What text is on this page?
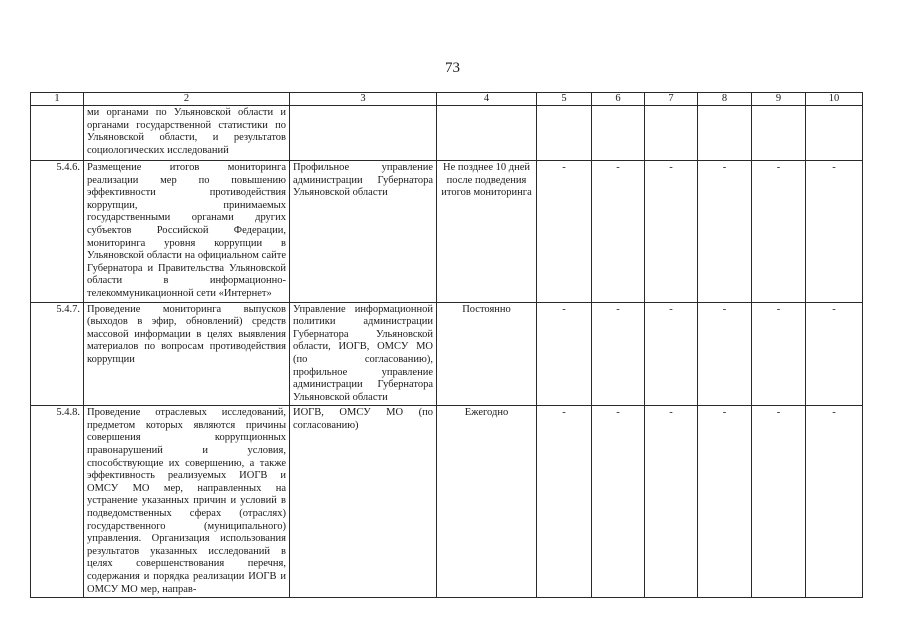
73
1	2	3	4	5	6	7	8	9	10
	ми органами по Ульяновской области и органами государственной статистики по Ульяновской области, и результатов социологических исследований								
5.4.6.	Размещение итогов мониторинга реализации мер по повышению эффективности противодействия коррупции, принимаемых государственными органами других субъектов Российской Федерации, мониторинга уровня коррупции в Ульяновской области на официальном сайте Губернатора и Правительства Ульяновской области в информационно-телекоммуникационной сети «Интернет»	Профильное управление администрации Губернатора Ульяновской области	Не позднее 10 дней после подведения итогов мониторинга	-	-	-	-	-	-
5.4.7.	Проведение мониторинга выпусков (выходов в эфир, обновлений) средств массовой информации в целях выявления материалов по вопросам противодействия коррупции	Управление информационной политики администрации Губернатора Ульяновской области, ИОГВ, ОМСУ МО (по согласованию), профильное управление администрации Губернатора Ульяновской области	Постоянно	-	-	-	-	-	-
5.4.8.	Проведение отраслевых исследований, предметом которых являются причины совершения коррупционных правонарушений и условия, способствующие их совершению, а также эффективность реализуемых ИОГВ и ОМСУ МО мер, направленных на устранение указанных причин и условий в подведомственных сферах (отраслях) государственного (муниципального) управления. Организация использования результатов указанных исследований в целях совершенствования перечня, содержания и порядка реализации ИОГВ и ОМСУ МО мер, направ-	ИОГВ, ОМСУ МО (по согласованию)	Ежегодно	-	-	-	-	-	-
